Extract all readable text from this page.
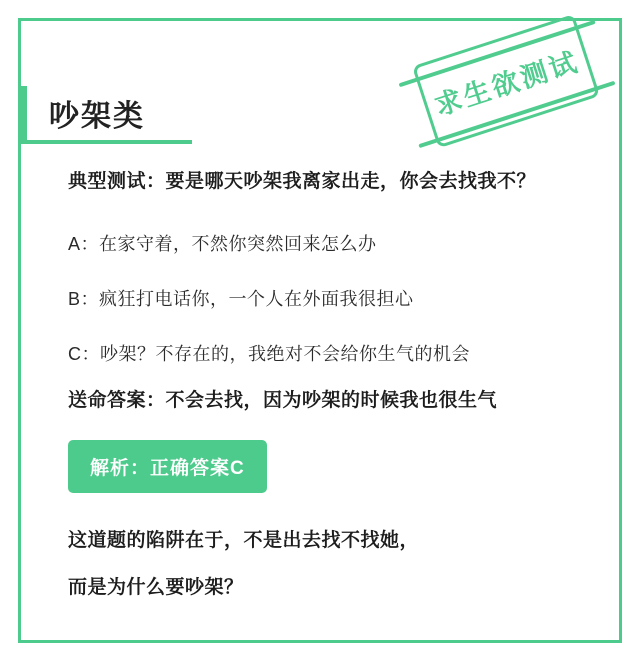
求生欲测试
吵架类
典型测试：要是哪天吵架我离家出走，你会去找我不？
A：在家守着，不然你突然回来怎么办
B：疯狂打电话你，一个人在外面我很担心
C：吵架？不存在的，我绝对不会给你生气的机会
送命答案：不会去找，因为吵架的时候我也很生气
解析：正确答案C
这道题的陷阱在于，不是出去找不找她，
而是为什么要吵架？
